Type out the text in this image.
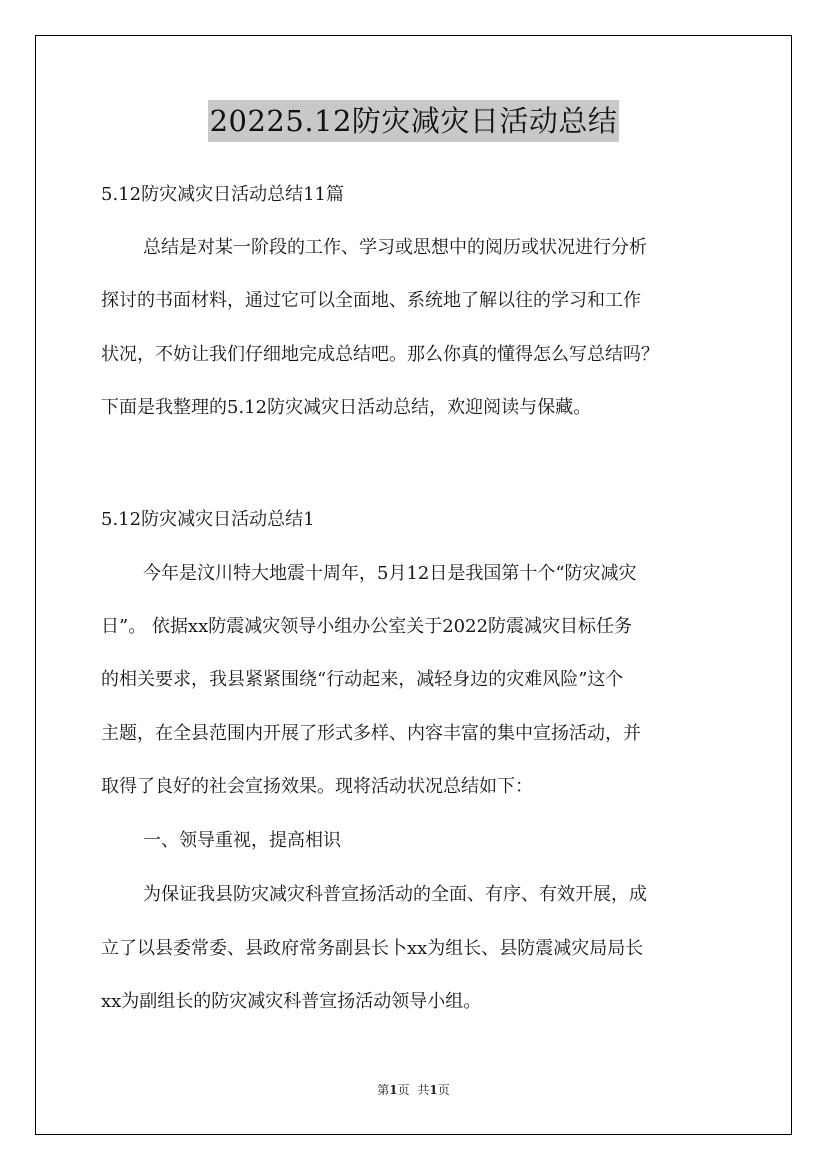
20225.12防灾减灾日活动总结
5.12防灾减灾日活动总结11篇
总结是对某一阶段的工作、学习或思想中的阅历或状况进行分析
探讨的书面材料，通过它可以全面地、系统地了解以往的学习和工作
状况，不妨让我们仔细地完成总结吧。那么你真的懂得怎么写总结吗？
下面是我整理的5.12防灾减灾日活动总结，欢迎阅读与保藏。
5.12防灾减灾日活动总结1
今年是汶川特大地震十周年，5月12日是我国第十个“防灾减灾
日”。 依据xx防震减灾领导小组办公室关于2022防震减灾目标任务
的相关要求，我县紧紧围绕“行动起来，减轻身边的灾难风险”这个
主题，在全县范围内开展了形式多样、内容丰富的集中宣扬活动，并
取得了良好的社会宣扬效果。现将活动状况总结如下：
一、领导重视，提高相识
为保证我县防灾减灾科普宣扬活动的全面、有序、有效开展，成
立了以县委常委、县政府常务副县长卜xx为组长、县防震减灾局局长
xx为副组长的防灾减灾科普宣扬活动领导小组。
第1页 共1页
